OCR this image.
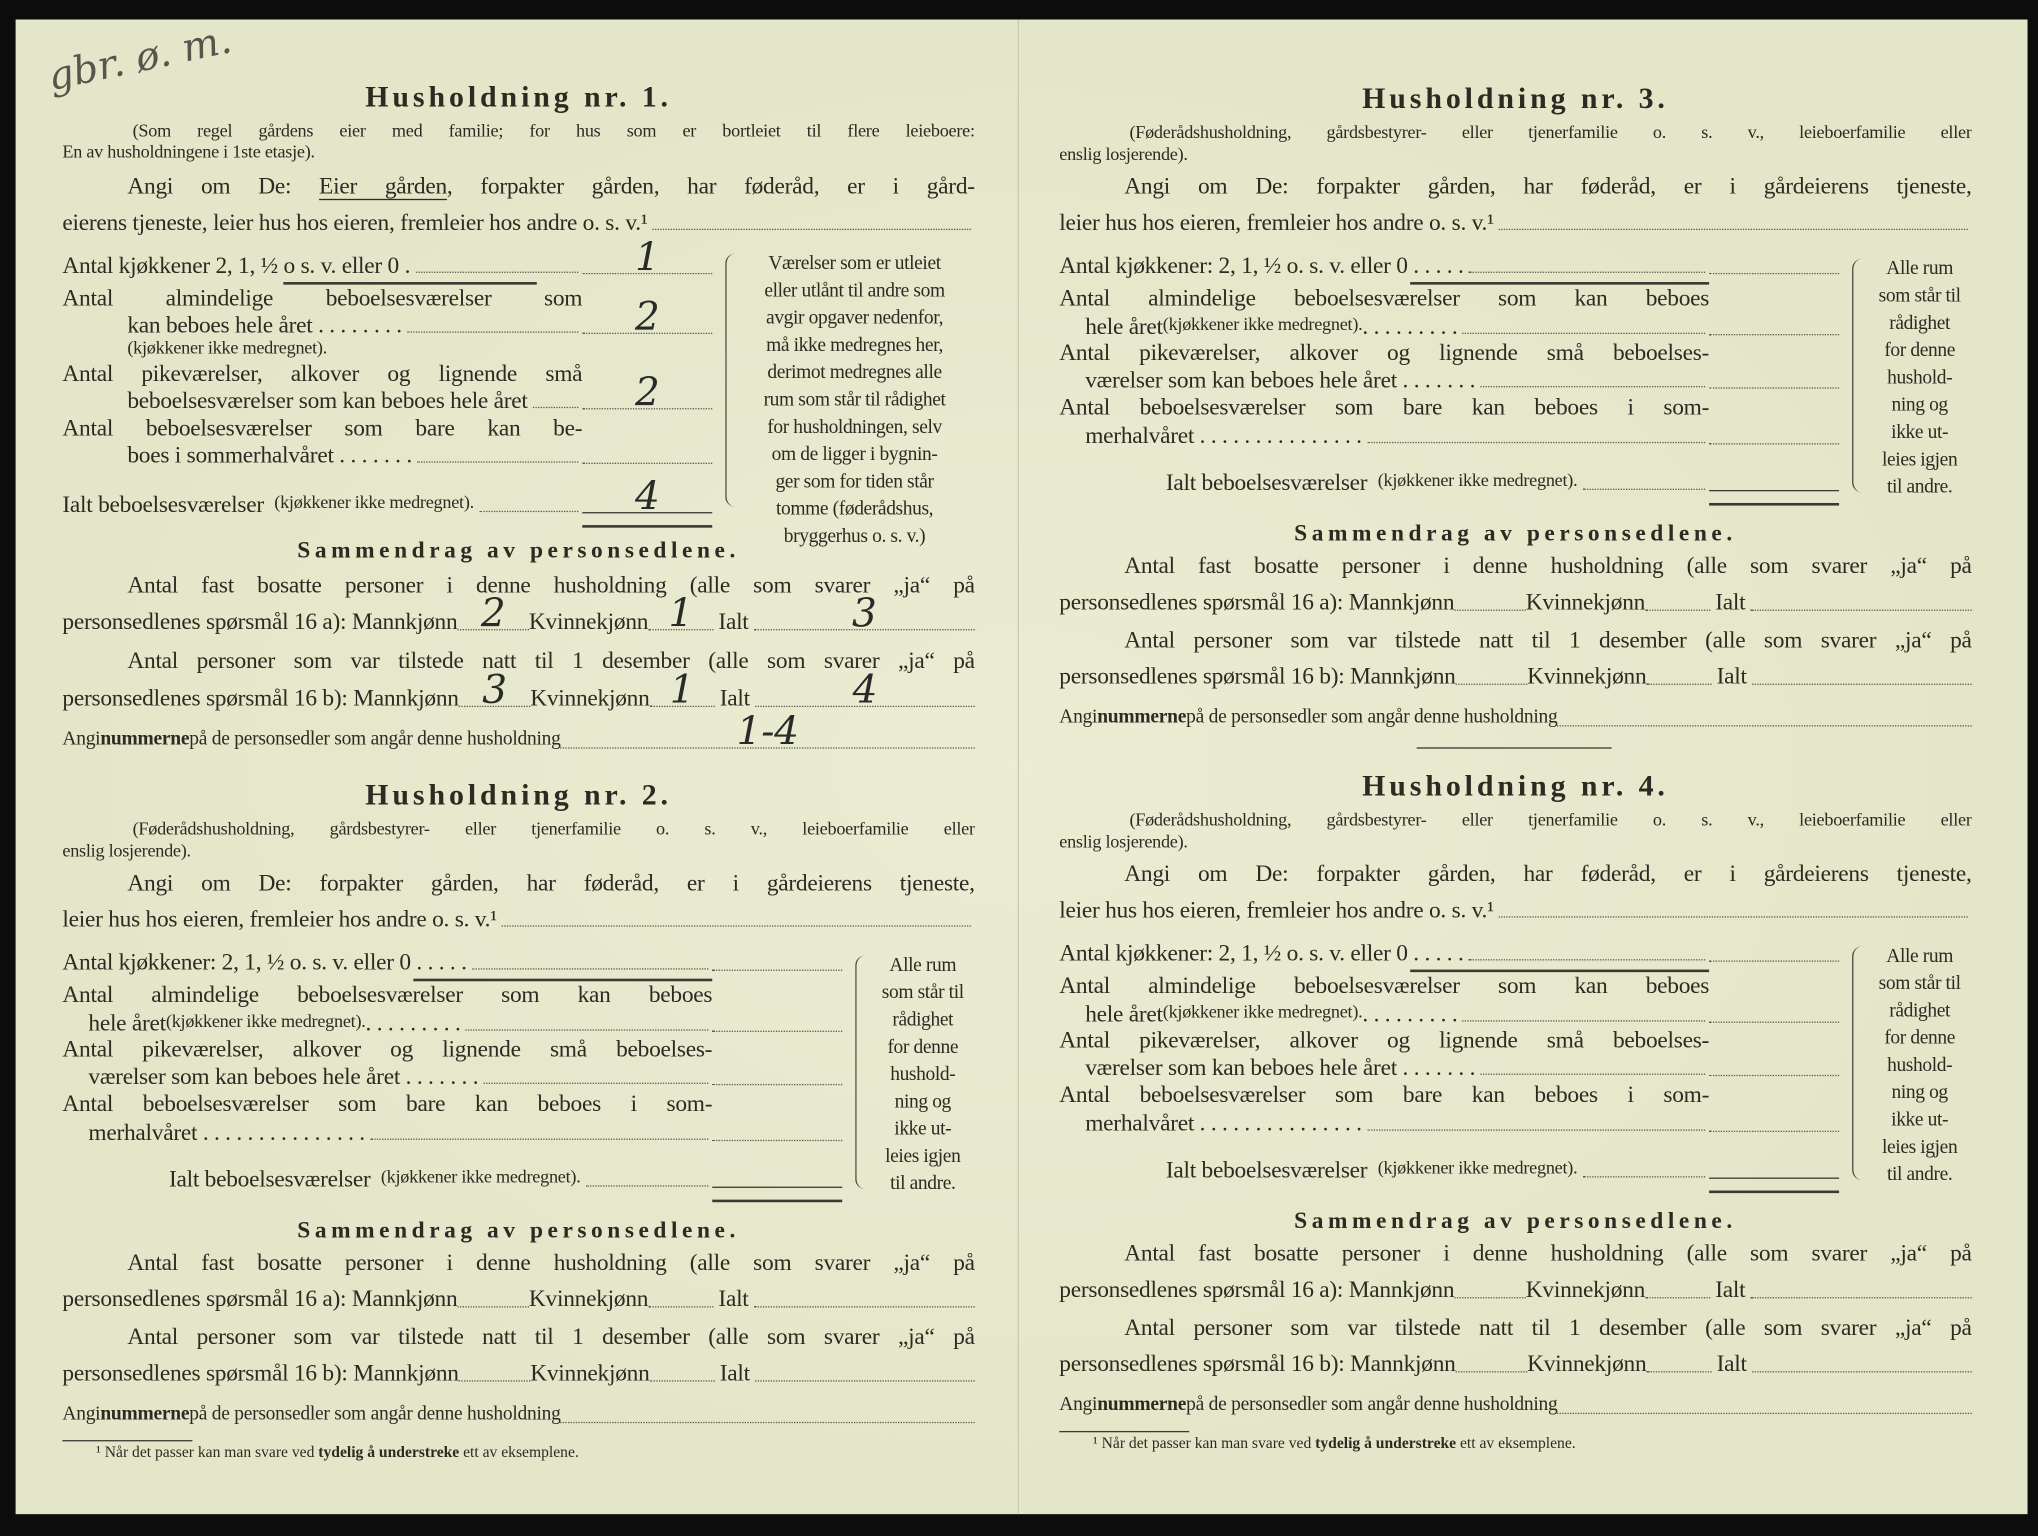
gbr. ø. m.	Husholdning nr. 1.
(Som regel gårdens eier med familie; for hus som er bortleiet til flere leieboere:
En av husholdningene i 1ste etasje).
Angi om De: Eier gården, forpakter gården, har føderåd, er i gård-
eierens tjeneste, leier hus hos eieren, fremleier hos andre o. s. v.¹
Antal kjøkkener 2, 1, ½ o s. v. eller 0 .	1
Antal almindelige beboelsesværelser som
kan beboes hele året . . . . . . . .	2
(kjøkkener ikke medregnet).
Antal pikeværelser, alkover og lignende små
beboelsesværelser som kan beboes hele året	2
Antal beboelsesværelser som bare kan be-
boes i sommerhalvåret . . . . . . .
Ialt beboelsesværelser (kjøkkener ikke medregnet).	4
Værelser som er utleiet
eller utlånt til andre som
avgir opgaver nedenfor,
må ikke medregnes her,
derimot medregnes alle
rum som står til rådighet
for husholdningen, selv
om de ligger i bygnin-
ger som for tiden står
tomme (føderådshus,
bryggerhus o. s. v.)
Sammendrag av personsedlene.
Antal fast bosatte personer i denne husholdning (alle som svarer „ja“ på
personsedlenes spørsmål 16 a): Mannkjønn 2 Kvinnekjønn 1 Ialt	3
Antal personer som var tilstede natt til 1 desember (alle som svarer „ja“ på
personsedlenes spørsmål 16 b): Mannkjønn 3 Kvinnekjønn 1 Ialt	4
Angi nummerne på de personsedler som angår denne husholdning	1-4
Husholdning nr. 2.
(Føderådshusholdning, gårdsbestyrer- eller tjenerfamilie o. s. v., leieboerfamilie eller
enslig losjerende).
Angi om De: forpakter gården, har føderåd, er i gårdeierens tjeneste,
leier hus hos eieren, fremleier hos andre o. s. v.¹
Antal kjøkkener: 2, 1, ½ o. s. v. eller 0 . . . . .
Antal almindelige beboelsesværelser som kan beboes
hele året (kjøkkener ikke medregnet). . . . . . . . . .
Antal pikeværelser, alkover og lignende små beboelses-
værelser som kan beboes hele året . . . . . . .
Antal beboelsesværelser som bare kan beboes i som-
merhalvåret . . . . . . . . . . . . . . .
Ialt beboelsesværelser (kjøkkener ikke medregnet).
Alle rum
som står til
rådighet
for denne
hushold-
ning og
ikke ut-
leies igjen
til andre.
Sammendrag av personsedlene.
Antal fast bosatte personer i denne husholdning (alle som svarer „ja“ på
personsedlenes spørsmål 16 a): Mannkjønn	Kvinnekjønn	Ialt
Antal personer som var tilstede natt til 1 desember (alle som svarer „ja“ på
personsedlenes spørsmål 16 b): Mannkjønn	Kvinnekjønn	Ialt
Angi nummerne på de personsedler som angår denne husholdning
¹ Når det passer kan man svare ved tydelig å understreke ett av eksemplene.
Husholdning nr. 3.
(Føderådshusholdning, gårdsbestyrer- eller tjenerfamilie o. s. v., leieboerfamilie eller
enslig losjerende).
Angi om De: forpakter gården, har føderåd, er i gårdeierens tjeneste,
leier hus hos eieren, fremleier hos andre o. s. v.¹
Antal kjøkkener: 2, 1, ½ o. s. v. eller 0 . . . . .
Antal almindelige beboelsesværelser som kan beboes
hele året (kjøkkener ikke medregnet). . . . . . . . . .
Antal pikeværelser, alkover og lignende små beboelses-
værelser som kan beboes hele året . . . . . . .
Antal beboelsesværelser som bare kan beboes i som-
merhalvåret . . . . . . . . . . . . . . .
Ialt beboelsesværelser (kjøkkener ikke medregnet).
Alle rum
som står til
rådighet
for denne
hushold-
ning og
ikke ut-
leies igjen
til andre.
Sammendrag av personsedlene.
Antal fast bosatte personer i denne husholdning (alle som svarer „ja“ på
personsedlenes spørsmål 16 a): Mannkjønn	Kvinnekjønn	Ialt
Antal personer som var tilstede natt til 1 desember (alle som svarer „ja“ på
personsedlenes spørsmål 16 b): Mannkjønn	Kvinnekjønn	Ialt
Angi nummerne på de personsedler som angår denne husholdning
Husholdning nr. 4.
(Føderådshusholdning, gårdsbestyrer- eller tjenerfamilie o. s. v., leieboerfamilie eller
enslig losjerende).
Angi om De: forpakter gården, har føderåd, er i gårdeierens tjeneste,
leier hus hos eieren, fremleier hos andre o. s. v.¹
Antal kjøkkener: 2, 1, ½ o. s. v. eller 0 . . . . .
Antal almindelige beboelsesværelser som kan beboes
hele året (kjøkkener ikke medregnet). . . . . . . . . .
Antal pikeværelser, alkover og lignende små beboelses-
værelser som kan beboes hele året . . . . . . .
Antal beboelsesværelser som bare kan beboes i som-
merhalvåret . . . . . . . . . . . . . . .
Ialt beboelsesværelser (kjøkkener ikke medregnet).
Alle rum
som står til
rådighet
for denne
hushold-
ning og
ikke ut-
leies igjen
til andre.
Sammendrag av personsedlene.
Antal fast bosatte personer i denne husholdning (alle som svarer „ja“ på
personsedlenes spørsmål 16 a): Mannkjønn	Kvinnekjønn	Ialt
Antal personer som var tilstede natt til 1 desember (alle som svarer „ja“ på
personsedlenes spørsmål 16 b): Mannkjønn	Kvinnekjønn	Ialt
Angi nummerne på de personsedler som angår denne husholdning
¹ Når det passer kan man svare ved tydelig å understreke ett av eksemplene.
